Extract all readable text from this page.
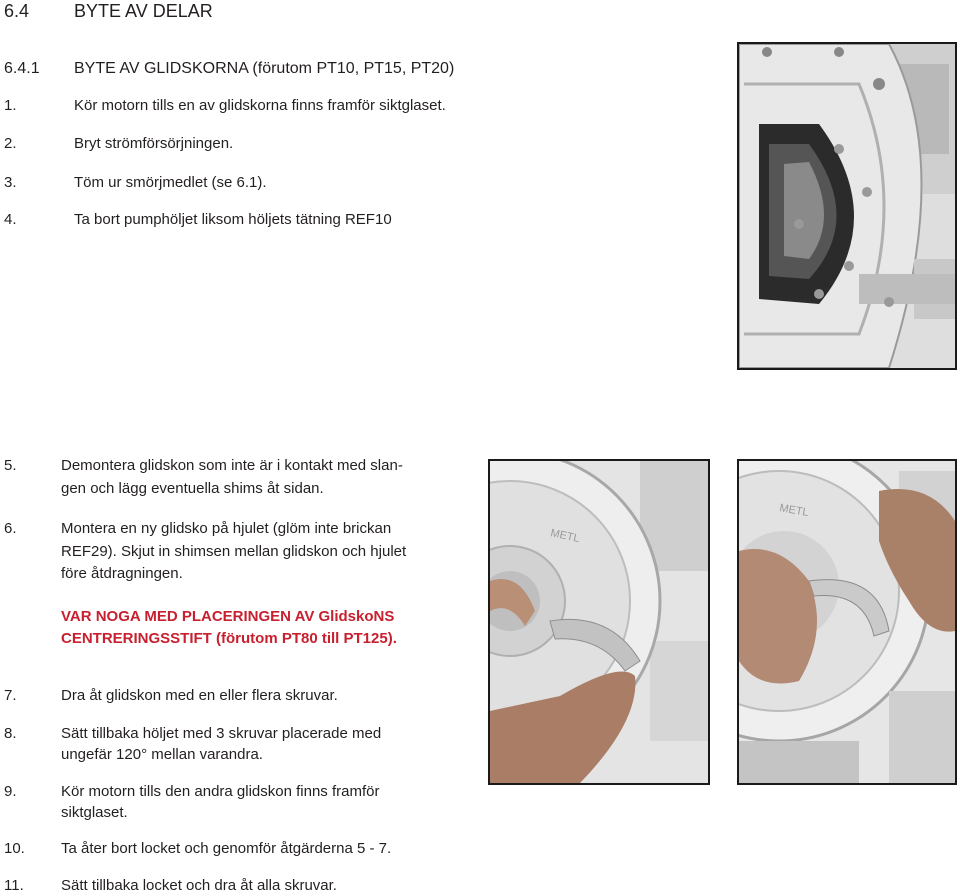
6.4 BYTE AV DELAR
6.4.1 BYTE AV GLIDSKORNA (förutom PT10, PT15, PT20)
1.	Kör motorn tills en av glidskorna finns framför siktglaset.
2.	Bryt strömförsörjningen.
3.	Töm ur smörjmedlet (se 6.1).
4.	Ta bort pumphöljet liksom höljets tätning REF10
5.	Demontera glidskon som inte är i kontakt med slan-
gen och lägg eventuella shims åt sidan.
6.	Montera en ny glidsko på hjulet (glöm inte brickan
REF29). Skjut in shimsen mellan glidskon och hjulet
före åtdragningen.
VAR NOGA MED PLACERINGEN AV GlidskoNS
CENTRERINGSSTIFT (förutom PT80 till PT125).
7.	Dra åt glidskon med en eller flera skruvar.
8.	Sätt tillbaka höljet med 3 skruvar placerade med
ungefär 120° mellan varandra.
9.	Kör motorn tills den andra glidskon finns framför
siktglaset.
10. Ta åter bort locket och genomför åtgärderna 5 - 7.
11. Sätt tillbaka locket och dra åt alla skruvar.
METL
METL
